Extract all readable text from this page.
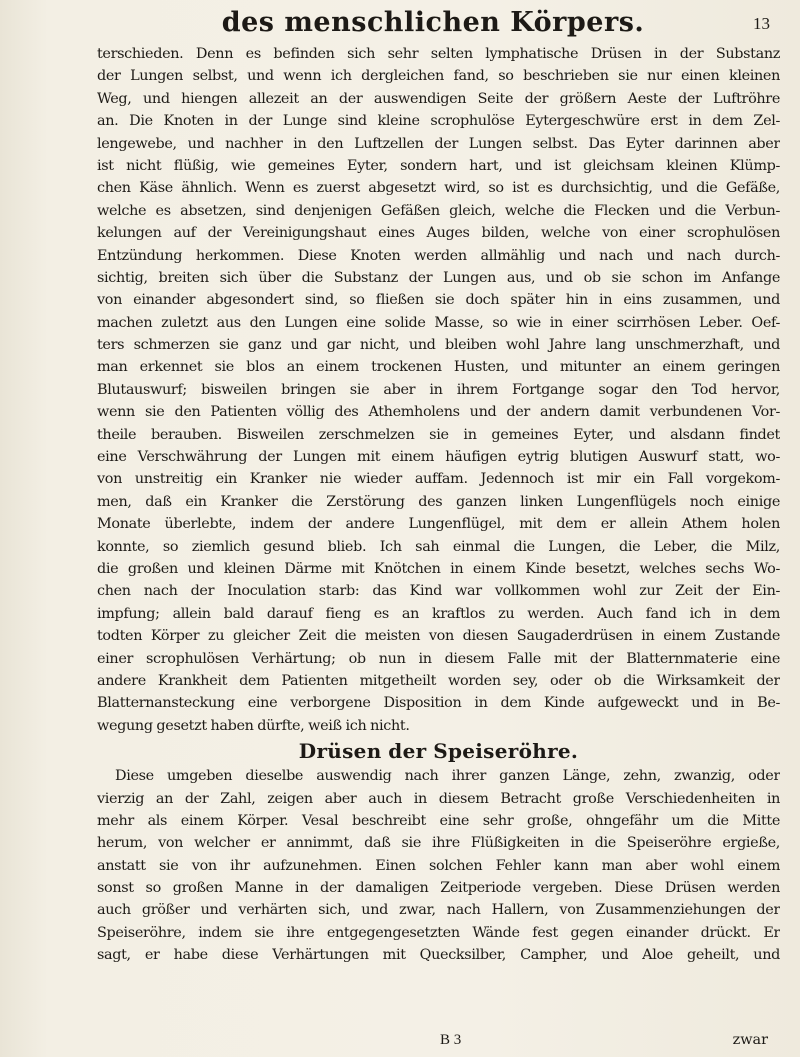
des menschlichen Körpers.	13
terschieden. Denn es befinden sich sehr selten lymphatische Drüsen in der Substanz
der Lungen selbst, und wenn ich dergleichen fand, so beschrieben sie nur einen kleinen
Weg, und hiengen allezeit an der auswendigen Seite der größern Aeste der Luftröhre
an. Die Knoten in der Lunge sind kleine scrophulöse Eytergeschwüre erst in dem Zel-
lengewebe, und nachher in den Luftzellen der Lungen selbst. Das Eyter darinnen aber
ist nicht flüßig, wie gemeines Eyter, sondern hart, und ist gleichsam kleinen Klümp-
chen Käse ähnlich. Wenn es zuerst abgesetzt wird, so ist es durchsichtig, und die Gefäße,
welche es absetzen, sind denjenigen Gefäßen gleich, welche die Flecken und die Verbun-
kelungen auf der Vereinigungshaut eines Auges bilden, welche von einer scrophulösen
Entzündung herkommen. Diese Knoten werden allmählig und nach und nach durch-
sichtig, breiten sich über die Substanz der Lungen aus, und ob sie schon im Anfange
von einander abgesondert sind, so fließen sie doch später hin in eins zusammen, und
machen zuletzt aus den Lungen eine solide Masse, so wie in einer scirrhösen Leber. Oef-
ters schmerzen sie ganz und gar nicht, und bleiben wohl Jahre lang unschmerzhaft, und
man erkennet sie blos an einem trockenen Husten, und mitunter an einem geringen
Blutauswurf; bisweilen bringen sie aber in ihrem Fortgange sogar den Tod hervor,
wenn sie den Patienten völlig des Athemholens und der andern damit verbundenen Vor-
theile berauben. Bisweilen zerschmelzen sie in gemeines Eyter, und alsdann findet
eine Verschwährung der Lungen mit einem häufigen eytrig blutigen Auswurf statt, wo-
von unstreitig ein Kranker nie wieder auffam. Jedennoch ist mir ein Fall vorgekom-
men, daß ein Kranker die Zerstörung des ganzen linken Lungenflügels noch einige
Monate überlebte, indem der andere Lungenflügel, mit dem er allein Athem holen
konnte, so ziemlich gesund blieb. Ich sah einmal die Lungen, die Leber, die Milz,
die großen und kleinen Därme mit Knötchen in einem Kinde besetzt, welches sechs Wo-
chen nach der Inoculation starb: das Kind war vollkommen wohl zur Zeit der Ein-
impfung; allein bald darauf fieng es an kraftlos zu werden. Auch fand ich in dem
todten Körper zu gleicher Zeit die meisten von diesen Saugaderdrüsen in einem Zustande
einer scrophulösen Verhärtung; ob nun in diesem Falle mit der Blatternmaterie eine
andere Krankheit dem Patienten mitgetheilt worden sey, oder ob die Wirksamkeit der
Blatternansteckung eine verborgene Disposition in dem Kinde aufgeweckt und in Be-
wegung gesetzt haben dürfte, weiß ich nicht.
Drüsen der Speiseröhre.
Diese umgeben dieselbe auswendig nach ihrer ganzen Länge, zehn, zwanzig, oder
vierzig an der Zahl, zeigen aber auch in diesem Betracht große Verschiedenheiten in
mehr als einem Körper. Vesal beschreibt eine sehr große, ohngefähr um die Mitte
herum, von welcher er annimmt, daß sie ihre Flüßigkeiten in die Speiseröhre ergieße,
anstatt sie von ihr aufzunehmen. Einen solchen Fehler kann man aber wohl einem
sonst so großen Manne in der damaligen Zeitperiode vergeben. Diese Drüsen werden
auch größer und verhärten sich, und zwar, nach Hallern, von Zusammenziehungen der
Speiseröhre, indem sie ihre entgegengesetzten Wände fest gegen einander drückt. Er
sagt, er habe diese Verhärtungen mit Quecksilber, Campher, und Aloe geheilt, und
B 3	zwar
